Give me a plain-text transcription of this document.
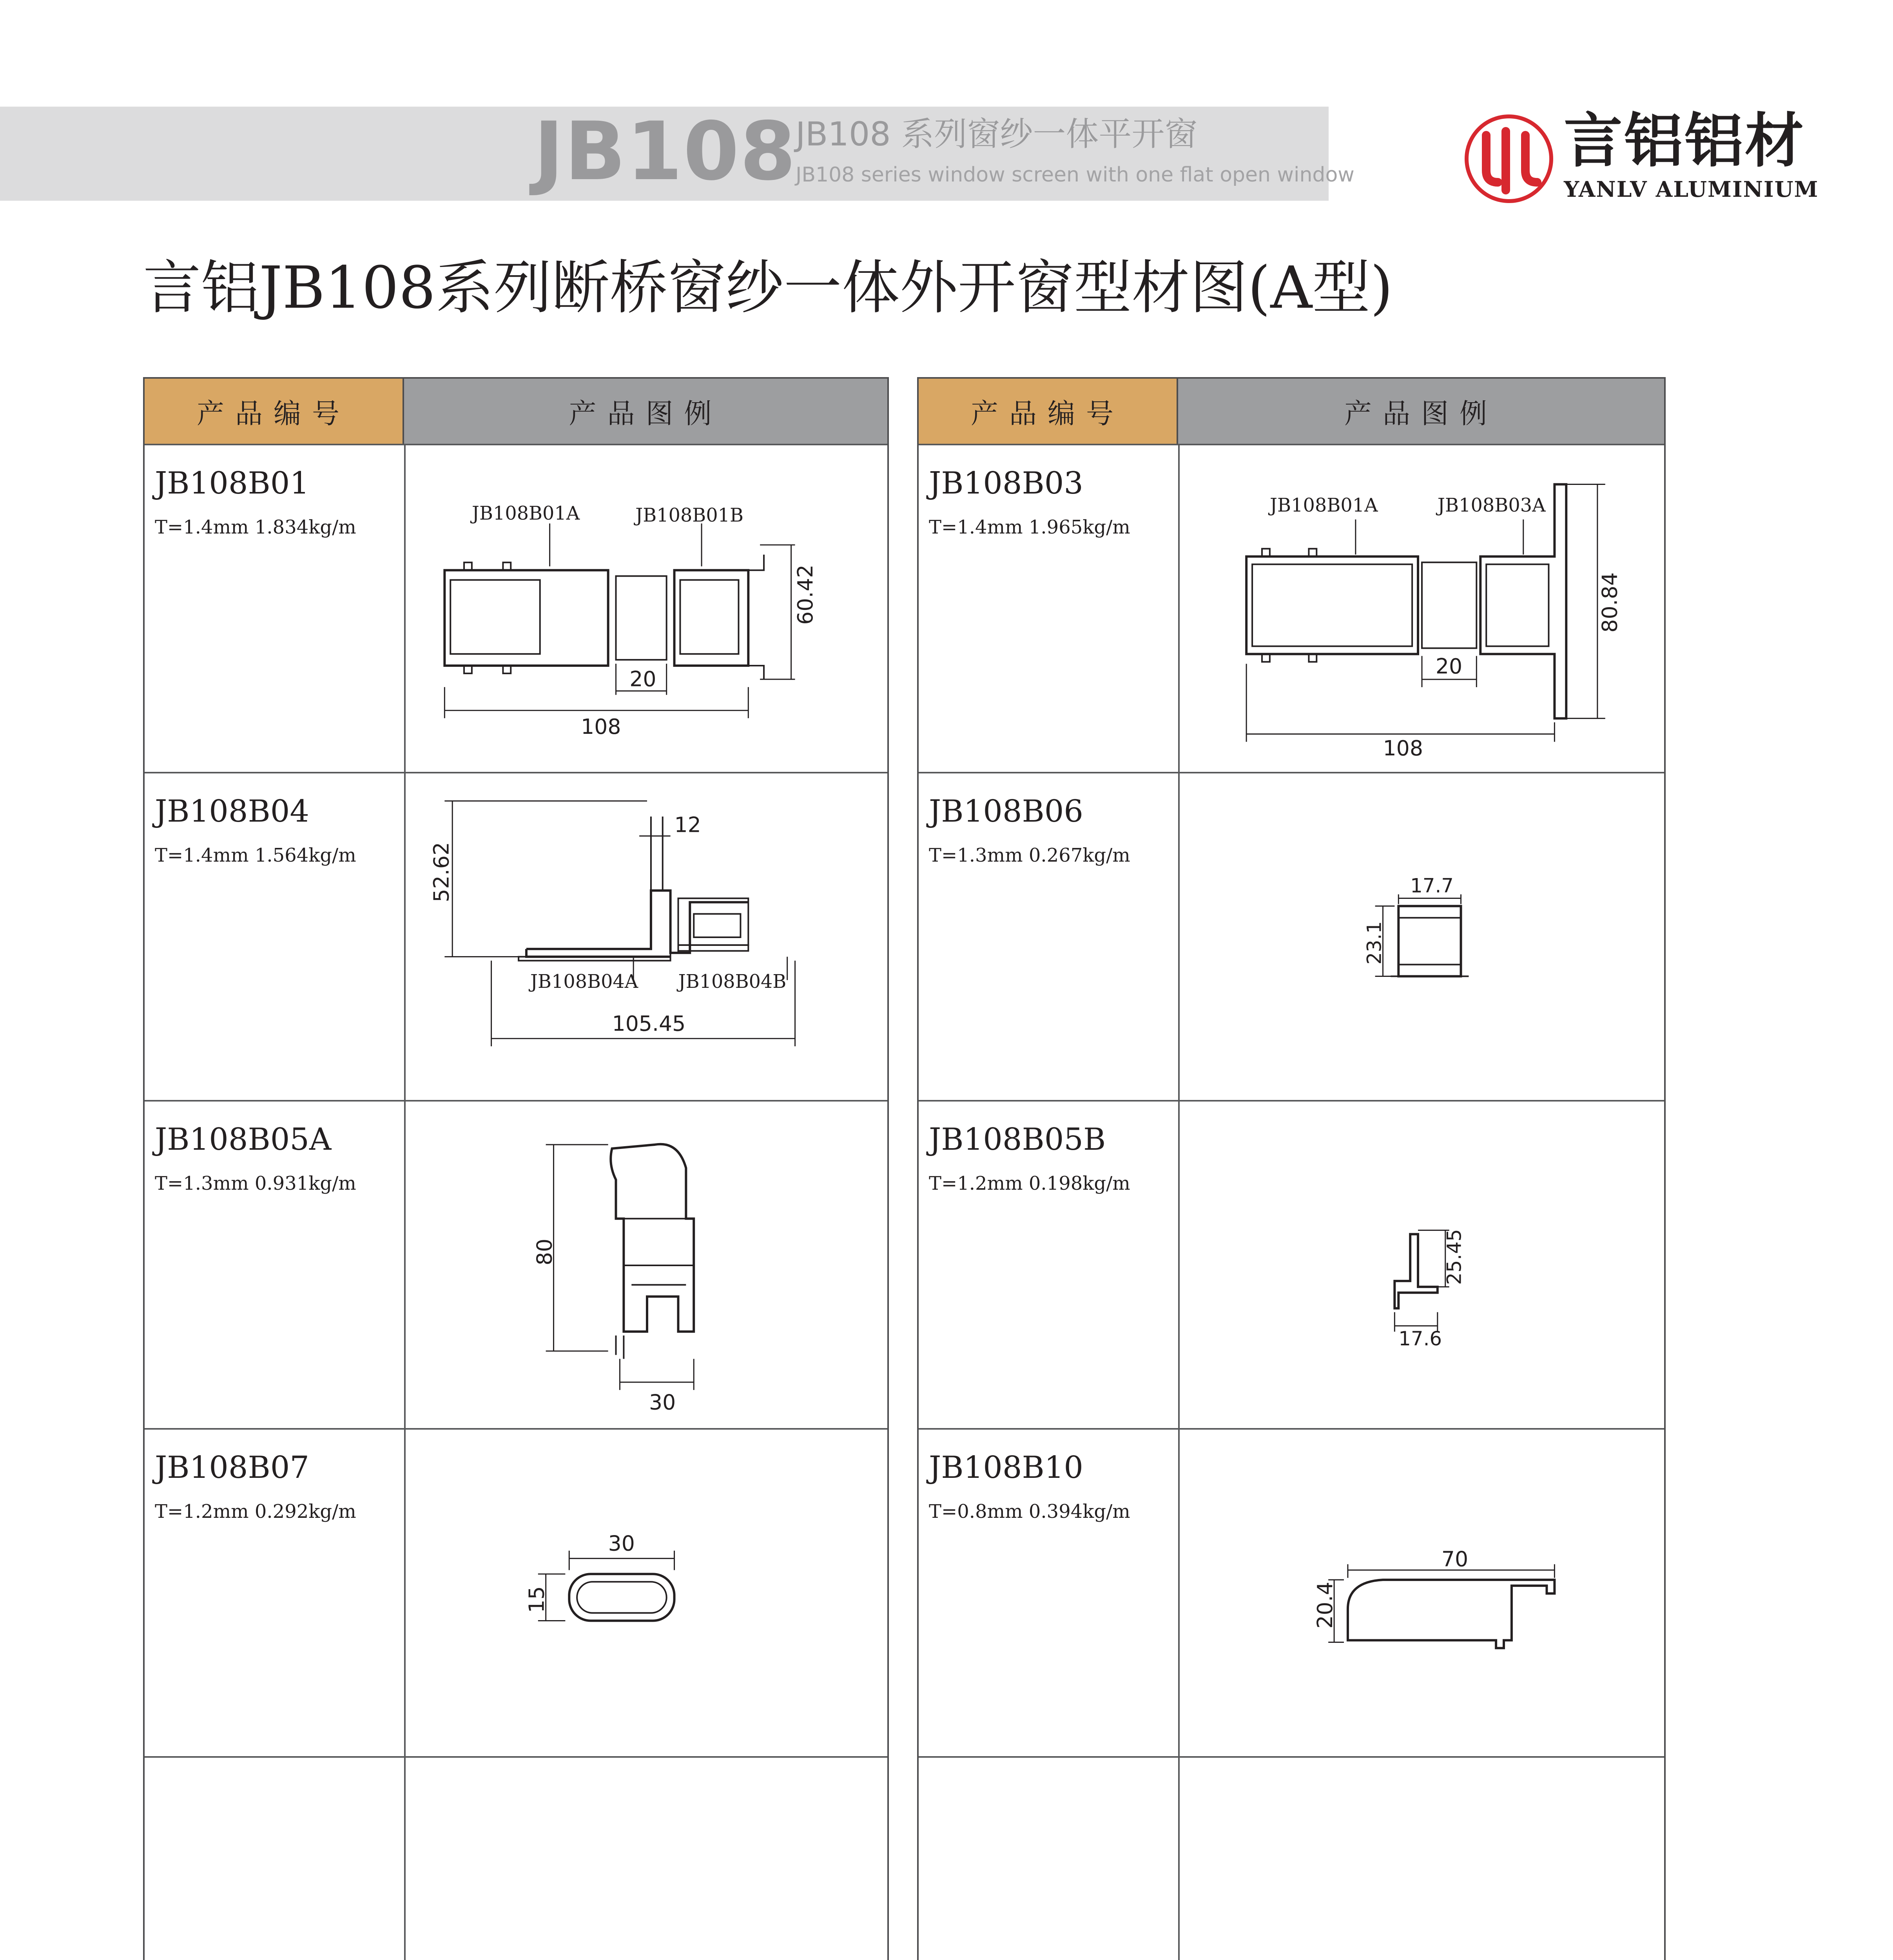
JB108
JB108 系列窗纱一体平开窗
JB108 series window screen with one flat open window	言铝铝材
YANLV ALUMINIUM
言铝JB108系列断桥窗纱一体外开窗型材图(A型)
产品编号	产品图例
JB108B01
T=1.4mm 1.834kg/m
JB108B01A	JB108B01B
60.42
20
108
JB108B04
T=1.4mm 1.564kg/m
12
52.62
105.45
JB108B04A JB108B04B
JB108B05A
T=1.3mm 0.931kg/m
80
30
JB108B07
T=1.2mm 0.292kg/m
30
15
产品编号	产品图例
JB108B03
T=1.4mm 1.965kg/m
JB108B01A	JB108B03A
80.84
20
108
JB108B06
T=1.3mm 0.267kg/m
17.7
23.1
JB108B05B
T=1.2mm 0.198kg/m
25.45
17.6
JB108B10
T=0.8mm 0.394kg/m
70
20.4
